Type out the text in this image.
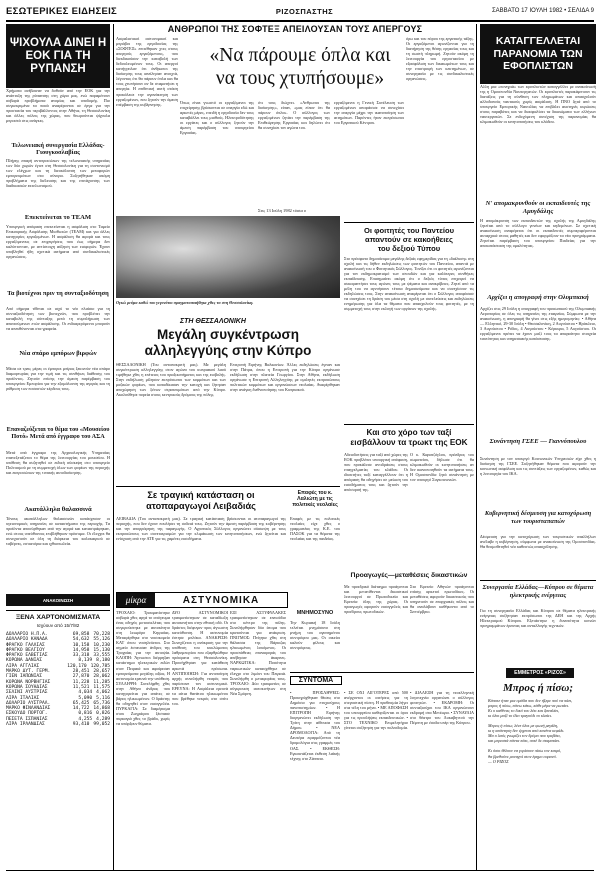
ΕΣΩΤΕΡΙΚΕΣ ΕΙΔΗΣΕΙΣ	ΡΙΖΟΣΠΑΣΤΗΣ	ΣΑΒΒΑΤΟ 17 ΙΟΥΛΗ 1982 • ΣΕΛΙΔΑ 9
ΨΙΧΟΥΛΑ ΔΙΝΕΙ Η ΕΟΚ ΓΙΑ ΤΗ ΡΥΠΑΝΣΗ
Χρήματα ανέβαιναν να δοθούν από την ΕΟΚ για την ανάπτυξη της ρύπανσης στη χώρα μας, ενώ παραμένουν σοβαρά προβλήματα ανομίας και υποδομής. Πιο συγκεκριμένα τα ποσά αναφέρονται σε έργα για την προστασία του περιβάλλοντος στην Αθήνα, τη Θεσσαλονίκη και άλλες πόλεις της χώρας, που θεωρούνται ψίχουλα μπροστά στις ανάγκες.
Τελωνειακή συνεργασία Ελλάδας-Γιουγκοσλαβίας
Πλήρης επαφή αντιπροσώπων της τελωνειακής υπηρεσίας των δύο χωρών έγινε στη Θεσσαλονίκη για τη συντονισμό των ελέγχων και τη διευκόλυνση των μεταφορών εμπορευμάτων στα σύνορα. Συζητήθηκαν ακόμη προβλήματα της διέλευσης και της επιτάχυνσης των διαδικασιών εκτελωνισμού.
Επεκτείνεται το ΤΕΑΜ
Υπουργική απόφαση επεκτείνεται η ασφάλιση στο Ταμείο Επικουρικής Ασφάλισης Μισθωτών (ΤΕΑΜ) και για άλλες κατηγορίες εργαζομένων. Η ασφάλιση θα αφορά και τους εργαζόμενους σε επιχειρήσεις που έως σήμερα δεν καλύπτονταν, με αντίστοιχη αύξηση των εισφορών. Έχουν υποβληθεί ήδη σχετικά αιτήματα από συνδικαλιστικές οργανώσεις.
Τα βιοτέχνοι πριν τη συνταξιοδότηση
Από σήμερα τίθεται σε ισχύ το νέο πλαίσιο για τη συνταξιοδότηση των βιοτεχνών, που προβλέπει την καταβολή της σύνταξης μετά τη συμπλήρωση των απαιτούμενων ετών ασφάλισης. Οι ενδιαφερόμενοι μπορούν να απευθύνονται στα γραφεία.
Νέα σπάρο εμπόρων βιρφών
Μέσα σε τρεις μέρες οι έμποροι μπίρας ξεκινούν νέα σπάρο διαμαρτυρίας για την τιμή και τις συνθήκες διάθεσης του προϊόντος. Ζητούν επίσης την άμεση παρέμβαση του υπουργείου Εμπορίου για την εξομάλυνση της αγοράς και τη ρύθμιση των ποσοστών κέρδους τους.
Επαναζεύξεται το θέμα του «Μουσείου Ποτό» Μετά από έγγραφο του ΑΣΑ
Μετά από έγγραφο της Αρχαιολογικής Υπηρεσίας επανεξετάζεται το θέμα της λειτουργίας του μουσείου. Η υπόθεση θα συζητηθεί σε ειδική σύσκεψη στο υπουργείο Πολιτισμού με τη συμμετοχή όλων των φορέων της περιοχής και εκπροσώπων της τοπικής αυτοδιοίκησης.
Ακατάλληλα θαλασσινά
Τόνους ακατάλληλων θαλασσινών κατάσχεσαν οι υγειονομικές υπηρεσίες σε καταστήματα της περιοχής. Τα προϊόντα αποσύρθηκαν από την αγορά και καταστράφηκαν, ενώ στους υπεύθυνους επιβλήθηκαν πρόστιμα. Οι έλεγχοι θα συνεχιστούν σε όλη τη διάρκεια του καλοκαιριού σε ταβέρνες, εστιατόρια και ιχθυοπωλεία.
ΑΝΑΚΟΙΝΩΣΗ
ΞΕΝΑ ΧΑΡΤΟΝΟΜΙΣΜΑΤΑ
Ισχύουν από 15/7/82
ΔΟΛΛΑΡΙΟ Η.Π.Α.	69,858 70,228
ΔΟΛΛΑΡΙΟ ΚΑΝΑΔΑ	54,632 55,126
ΦΡΑΓΚΟ ΓΑΛΛΙΑΣ	10,158 10,230
ΦΡΑΓΚΟ ΒΕΛΓΙΟΥ	14,958 15,130
ΦΡΑΓΚΟ ΕΛΒΕΤΙΑΣ	33,318 33,555
ΚΟΡΩΝΑ ΔΑΝΙΑΣ	8,139 8,180
ΛΙΡΑ ΑΓΓΛΙΑΣ	120,170 120,785
ΜΑΡΚΟ ΔΥΤ. ΓΕΡΜ.	28,451 28,657
ΓΙΕΝ ΙΑΠΩΝΙΑΣ	27,870 28,062
ΚΟΡΩΝΑ ΝΟΡΒΗΓΙΑΣ	11,228 11,285
ΚΟΡΩΝΑ ΣΟΥΗΔΙΑΣ	11,521 11,575
ΣΕΛΙΝΙ ΑΥΣΤΡΙΑΣ	4,034 4,062
ΛΙΡΑ ΙΤΑΛΙΑΣ	5,090 5,116
ΔΟΛΑΡΙΟ ΑΥΣΤΡΑΛ.	65,425 65,736
ΜΑΡΚΟ ΦΙΝΛΑΝΔΙΑΣ	14,722 14,868
ΕΣΚΟΥΔΟ ΠΟΡΤΟΓ.	0,816 0,826
ΠΕΣΕΤΑ ΙΣΠΑΝΙΑΣ	4,255 4,289
ΛΙΡΑ ΙΡΛΑΝΔΙΑΣ	93,410 99,052
ΑΝΘΡΩΠΟΙ ΤΗΣ ΣΟΦΤΕΞ ΑΠΕΙΛΟΥΣΑΝ ΤΟΥΣ ΑΠΕΡΓΟΥΣ
Ασφαλιστικοί αστυνομικοί και μπράβοι της εργοδοσίας της «ΣΟΦΤΕΞ» επιτέθηκαν χτες στους απεργούς εργαζόμενους, που διεκδικούσαν την καταβολή των δεδουλευμένων τους. Οι απεργοί κατήγγειλαν ότι άνθρωποι της διοίκησης τους απείλησαν ανοιχτά, λέγοντας ότι θα πάρουν όπλα και θα τους χτυπήσουν αν δε σταματήσει η απεργία. Η επιθετική αυτή στάση προκάλεσε την αγανάκτηση των εργαζομένων, που ζητούν την άμεση επέμβαση της κυβέρνησης.
«Να πάρουμε όπλα και
να τους χτυπήσουμε»
Όπως είναι γνωστό οι εργαζόμενοι της επιχείρησης βρίσκονται σε απεργία εδώ και αρκετές μέρες, επειδή η εργοδοσία δεν τους καταβάλλει τους μισθούς. Ηλεκτροδότησης οι εργάτες και ο σύλλογος ζητούν την άμεση παρέμβαση του υπουργείου Εργασίας.
ότι τους διώχνει. «Ανθρωποι της διοίκησης», είπαν, «μας είπαν ότι θα πάρουν όπλα». Ο σύλλογος των εργαζομένων ζητάει την παρέμβαση της Επιθεώρησης Εργασίας και δηλώνει ότι θα συνεχίσει τον αγώνα του.
εργαζόμενοι η Γενική Συνέλευση των εργαζομένων αποφάσισε να συνεχίσει την απεργία μέχρι την ικανοποίηση των αιτημάτων. Παρόντες ήταν εκπρόσωποι του Εργατικού Κέντρου.
όρω και του πόρου της εργατικής τάξης. Οι εργαζόμενοι αγωνίζονται για τη διατήρηση της θέσης εργασίας τους και τη σωστή πληρωμή. Ζητούν ακόμη τη λειτουργία του εργοστασίου με εξασφάλιση των δικαιωμάτων τους και την επιστροφή των κεκτημένων, σε συνεργασία με τις συνδικαλιστικές οργανώσεις.
Στις 13 Ιούλη 1982 τόσια ο
Ογκώ ρεύμα καθώ του γεγονότοι πραγματοποιήθηκε χθες τα στη Θεσσαλονίκη.
ΣΤΗ ΘΕΣΣΑΛΟΝΙΚΗ
Μεγάλη συγκέντρωση
αλληλεγγύης στην Κύπρο
ΘΕΣΣΑΛΟΝΙΚΗ (Του ανταποκριτή μας). Με μεγάλη συγκέντρωση αλληλεγγύης στον αγώνα του κυπριακού λαού τιμήθηκε χθες η επέτειος του πραξικοπήματος και της εισβολής. Στην εκδήλωση μίλησαν εκπρόσωποι των κομμάτων και των μαζικών φορέων, που καταδίκασαν την κατοχή και ζήτησαν αποχώρηση των ξένων στρατευμάτων από την Κύπρο. Ακολούθησε πορεία στους κεντρικούς δρόμους της πόλης.
Επιτροπή Ειρήνης Βαλκανίων. Άλλες εκδηλώσεις έγιναν και στην Πάτρα, όπου η Επιτροπή για την Κύπρο οργάνωσε εκδήλωση στην πλατεία Γεωργίου. Στην Αθήνα, εκδήλωση οργάνωσε η Επιτροπή Αλληλεγγύης με ομιλητές εκπροσώπους πολιτικών κομμάτων και οργανώσεων νεολαίας. Αναφέρθηκαν στην ανάγκη διεθνοποίησης του Κυπριακού.
Οι φοιτητές του Παντείου
απαντούν σε κακοήθειες
του δεξιού Τύπου
Στο πρόσφατο δημοσίευμα μεγάλης δεξιάς εφημερίδας για τη «διάλυση» στη σχολή και τις δήθεν εκδηλώσεις των φοιτητών του Παντείου, απαντά με ανακοίνωσή του ο Φοιτητικός Σύλλογος. Τονίζει ότι οι φοιτητές αγωνίζονται για τον εκδημοκρατισμό των σπουδών και για καλύτερες συνθήκες εκπαίδευσης. Επισημαίνει ακόμη ότι ο δεξιός τύπος επιχειρεί να συκοφαντήσει τους αγώνες τους με ψέματα και ανακρίβειες. Ζητεί από τα μέλη του να αγνοήσουν τέτοια δημοσιεύματα και να συνεχίσουν τις εκδηλώσεις τους. Στην ανακοίνωση αναφέρεται ότι ο Σύλλογος αποφάσισε να συνεχίσει τη δράση του μέσα στη σχολή με συνελεύσεις και εκδηλώσεις ενημέρωσης για όλα τα θέματα που απασχολούν τους φοιτητές, με τη συμμετοχή τους στην εκλογή των οργάνων της σχολής.
Και στο χόρο των ταξί
εισβάλλουν τα τρωκτ της ΕΟΚ
Αδειοδοτήσεις για ταξί από χώρες της ΕΟΚ προβλέπει υπουργική απόφαση, που προκάλεσε αντιδράσεις στους επαγγελματίες του κλάδου. Οι ιδιοκτήτες ταξί καταγγέλλουν ότι η απόφαση θα οδηγήσει σε μείωση του εισοδήματος τους και ζητούν την απόσυρσή της.
Ο κ. Καρατζόγλου, πρόεδρος του σωματείου, δήλωσε ότι θα κλιμακωθούν οι κινητοποιήσεις αν δεν ικανοποιηθούν τα αιτήματα τους. Η Ομοσπονδία ζητά συνάντηση με τον υπουργό Συγκοινωνιών.
Σε τραγική κατάσταση οι
ατοπαραγωγοί Λειβαδιάς
ΛΕΙΒΑΔΙΑ (Του ανταποκριτή μας). Σε τραγική κατάσταση βρίσκονται οι ατοπαραγωγοί της περιοχής, που δεν έχουν πουλήσει τη σοδειά τους. Ζητούν την άμεση παρέμβαση της κυβέρνησης και την απορρόφηση της παραγωγής. Ο Αγροτικός Σύλλογος οργανώνει σύσκεψη με τους εκπροσώπους των συνεταιρισμών για την κλιμάκωση των κινητοποιήσεων, ενώ ζητείται και ενίσχυση από την ΑΤΕ για τις χαμένες εισοδήματα.
Επαφές του κ. Λαλιώτη με τις πολιτικές νεολαίες
Επαφές με τις πολιτικές νεολαίες είχε χθες ο γραμματέας της Κ.Ε. του ΠΑΣΟΚ για τα θέματα της νεολαίας και της παιδείας.
Προαγωγές—μεταθέσεις δικαστικών
Με προεδρικό διάταγμα προάγονται και μετατίθενται δικαστικοί λειτουργοί σε Πρωτοδικεία και Εφετεία όλης της χώρας. Οι προαγωγές αφορούν εισαγγελείς και προέδρους πρωτοδικών.
Στο Εφετείο Αθηνών προάγονται επίσης αρκετοί πρωτοδίκες. Οι μεταθέσεις αφορούν δικαστικούς που υπηρετούν σε επαρχιακές πόλεις και θα αναλάβουν καθήκοντα από το Σεπτέμβριο.
μίκρα	ΑΣΤΥΝΟΜΙΚΑ
ΤΡΟΧΑΙΟ: Τραυματίστηκε σοβαρά χθες αργά το απόγευμα ένας οδηγός μοτοσικλέτας που συγκρούστηκε με αυτοκίνητο στη λεωφόρο Κηφισίας. Μεταφέρθηκε στο νοσοκομείο ΚΑΤ όπου νοσηλεύεται. Στο σημείο έσπευσαν άνδρες της Τροχαίας για την αυτοψία. ΚΛΟΠΗ: Άγνωστοι διέρρηξαν κατάστημα ηλεκτρικών ειδών στον Πειραιά και αφαίρεσαν εμπορεύματα μεγάλης αξίας. Η αστυνομία ερευνά την υπόθεση. ΣΥΛΛΗΨΗ: Συνελήφθη χθες στην Αθήνα άνδρας που κατηγορείται για απάτες σε βάρος ηλικιωμένων. Ο δράστης θα οδηγηθεί στον εισαγγελέα. ΠΥΡΚΑΓΙΑ: Σε διαμέρισμα στου Ζωγράφου ξέσπασε πυρκαγιά χθες το βράδυ, χωρίς να υπάρξουν θύματα.
ΔΥΟ ΑΣΤΥΝΟΜΙΚΟΙ τραυματίστηκαν σε καταδίωξη αυτοκινήτου στην εθνική οδό. Οι δράστες διέφυγαν προς άγνωστη κατεύθυνση. Η αστυνομία έστησε μπλόκα. ΑΝΑΚΡΙΣΗ: Συνεχίζεται η ανάκριση για την υπόθεση του κυκλώματος λαθρεμπορίου που εξαρθρώθηκε πρόσφατα στη Θεσσαλονίκη. Προσήχθησαν για κατάθεση αρκετά πρόσωπα. ΑΝΤΙΠΟΙΗΣΗ: Για αντιποίηση αρχής συνελήφθη νεαρός που παρίστανε τον αστυνομικό. ΕΡΕΥΝΑ: Η Ασφάλεια ερευνά τα αίτια θανάτου ηλικιωμένου που βρέθηκε νεκρός στο σπίτι του.
ΕΞΙ ΑΣΤΥΦΥΛΑΚΕΣ τραυματίστηκαν σε επεισόδιο στο κέντρο της πόλης. Συνελήφθησαν δύο άτομα που κρατούνται για ανάκριση. ΠΝΙΓΜΟΣ: Πνίγηκε χθες στη θάλασσα της Βάρκιζας ηλικιωμένος λουόμενος. Οι προσπάθειες επαναφοράς του απέβησαν άκαρπες. ΝΑΡΚΩΤΙΚΑ: Ποσότητα ναρκωτικών κατασχέθηκε σε έλεγχο στο λιμάνι του Πειραιά. Συνελήφθη ο μεταφορέας τους. ΤΡΟΧΑΙΟ: Δύο τραυματίες σε σύγκρουση αυτοκινήτων στη Νέα Σμύρνη.
ΜΝΗΜΟΣΥΝΟ
Την Κυριακή 18 Ιούλη τελείται μνημόσυνο στη μνήμη του αγαπημένου συντρόφου μας. Οι οικείοι καλούν φίλους και συντρόφους.
ΣΥΝΤΟΜΑ
• ΠΡΟΣΛΗΨΕΙΣ: Προκηρύχθηκαν θέσεις στο Δημόσιο για πτυχιούχους πανεπιστημίων. • Η ΕΠΙΤΡΟΠΗ Ειρήνης διοργανώνει εκδήλωση την Τρίτη στην αίθουσα του Δήμου. • ΝΕΑ ΔΡΟΜΟΛΟΓΙΑ: Από τη Δευτέρα εφαρμόζονται νέα δρομολόγια στις γραμμές του ΟΑΣ. • ΕΚΘΕΣΗ: Εγκαινιάζεται έκθεση λαϊκής τέχνης στο Ζάππειο.
• ΣΕ ΟΧΙ ΛΙΓΟΤΕΡΕΣ από 500 ανέρχονται οι αιτήσεις για τη στεγαστική πίστη. Η προθεσμία λήγει στα τέλη του μήνα. • ΜΕ ΑΠΟΦΑΣΗ του υπουργείου καθορίζονται οι όροι για τις προσλήψεις εκπαιδευτικών. • ΣΤΟ ΤΕΧΝΙΚΟ Επιμελητήριο γίνεται συζήτηση για την πολεοδομία.
• ΔΙΑΛΕΞΗ για τη νεοελληνική λογοτεχνία οργανώνει ο σύλλογος φοιτητών. • ΕΚΔΡΟΜΗ: Οι συνταξιούχοι του ΙΚΑ οργανώνουν εκδρομή στα Μετέωρα. • ΣΥΝΑΥΛΙΑ στο θέατρο του Λυκαβηττού την Πέμπτη με έσοδα υπέρ της Κύπρου.
ΚΑΤΑΓΓΕΛΛΕΤΑΙ ΠΑΡΑΝΟΜΙΑ ΤΩΝ ΕΦΟΠΛΙΣΤΩΝ
Αλλη μια «πονηριά» των εφοπλιστών καταγγέλλει με ανακοίνωσή της η Ομοσπονδία Ναυτεργατών. Οι εφοπλιστές παρακάμπτουν τις διατάξεις για τη σύνθεση των πληρωμάτων και απασχολούν αλλοδαπούς ναυτικούς χωρίς ασφάλιση. Η ΠΝΟ ζητά από το υπουργείο Εμπορικής Ναυτιλίας να επιβάλει αυστηρές κυρώσεις στους παραβάτες και να διασφαλίσει τα δικαιώματα των ελλήνων ναυτεργατών. Σε ενδεχόμενη συνέχιση της παρανομίας θα κλιμακωθούν οι κινητοποιήσεις του κλάδου.
Ν' απομακρυνθούν οι εκπαιδευτές της Αμυγδάλης
Η απομάκρυνση των εκπαιδευτών της σχολής της Αμυγδάλης ζητείται από το σύλλογο γονέων και κηδεμόνων. Σε σχετική ανακοίνωση αναφέρεται ότι οι εκπαιδευτές συμπεριφέρονται αυταρχικά στους μαθητές και δεν εφαρμόζουν τα νέα προγράμματα. Ζητείται παρέμβαση του υπουργείου Παιδείας για την αποκατάσταση της ομαλότητας.
Αρχίζει η απογραφή στην Ολυμπιακή
Αρχίζει στις 29 Ιούλη η απογραφή του προσωπικού της Ολυμπιακής Αεροπορίας σε όλες τις υπηρεσίες της εταιρείας. Σύμφωνα με την ανακοίνωση, η απογραφή θα γίνει στις εξής ημερομηνίες: • Αθήνα — Ελληνικό, 29-30 Ιούλη • Θεσσαλονίκη, 2 Αυγούστου • Ηράκλειο, 3 Αυγούστου • Ρόδος, 4 Αυγούστου • Κέρκυρα, 5 Αυγούστου. Οι εργαζόμενοι πρέπει να έχουν μαζί τους τα απαραίτητα στοιχεία ταυτότητας και υπηρεσιακής κατάστασης.
Συνάντηση ΓΣΕΕ — Γιαννόπουλου
Συνάντηση με τον υπουργό Κοινωνικών Υπηρεσιών είχε χθες η διοίκηση της ΓΣΕΕ. Συζητήθηκαν θέματα που αφορούν την κοινωνική ασφάλιση και τις συντάξεις των εργαζομένων, καθώς και η λειτουργία του ΙΚΑ.
Κυβερνητική δέσμευση για κατοχύρωση των τουρισταπαπών
Δέσμευση για την κατοχύρωση των τουριστικών υπαλλήλων ανέλαβε η κυβέρνηση, σύμφωνα με ανακοίνωση της Ομοσπονδίας. Θα θεσμοθετηθεί νέο καθεστώς απασχόλησης.
Συνεργασία Ελλάδας—Κύπρου σε θέματα ηλεκτρικής ενέργειας
Για τη συνεργασία Ελλάδας και Κύπρου σε θέματα ηλεκτρικής ενέργειας συζήτησαν εκπρόσωποι της ΔΕΗ και της Αρχής Ηλεκτρισμού Κύπρου. Εξετάστηκε η δυνατότητα κοινών προγραμμάτων έρευνας και ανταλλαγής τεχνικών.
ΕΜΜΕΤΡΟΣ «ΡΙΖΟΣ»
Μπρος ή πίσω;
Κάποτε ήταν μια ομάδα που δεν ήξερε πού να πάει,
μπρος ή πίσω, πάνω κάτω, κάθε μέρα να ρωτάει.
Κι ο καθένας το δικό του λέει και ξαναλέει,
κι όλοι μαζί το ίδιο τραγούδι το κλαίει.

Μπρος ή πίσω; λένε όλοι με φωνή μεγάλη,
κι η απάντηση δεν έρχεται από κανένα κεφάλι.
Μα ο λαός γνωρίζει τον δρόμο που τραβάει,
και μπροστά πάντα πάει, ποτέ δε σταματάει.

Κι όσοι θέλουν να γυρίσουν πίσω τον καιρό,
θα βρεθούνε μοναχοί στον έρημο ουρανό.
— Ο ΡΙΖΟΣ
